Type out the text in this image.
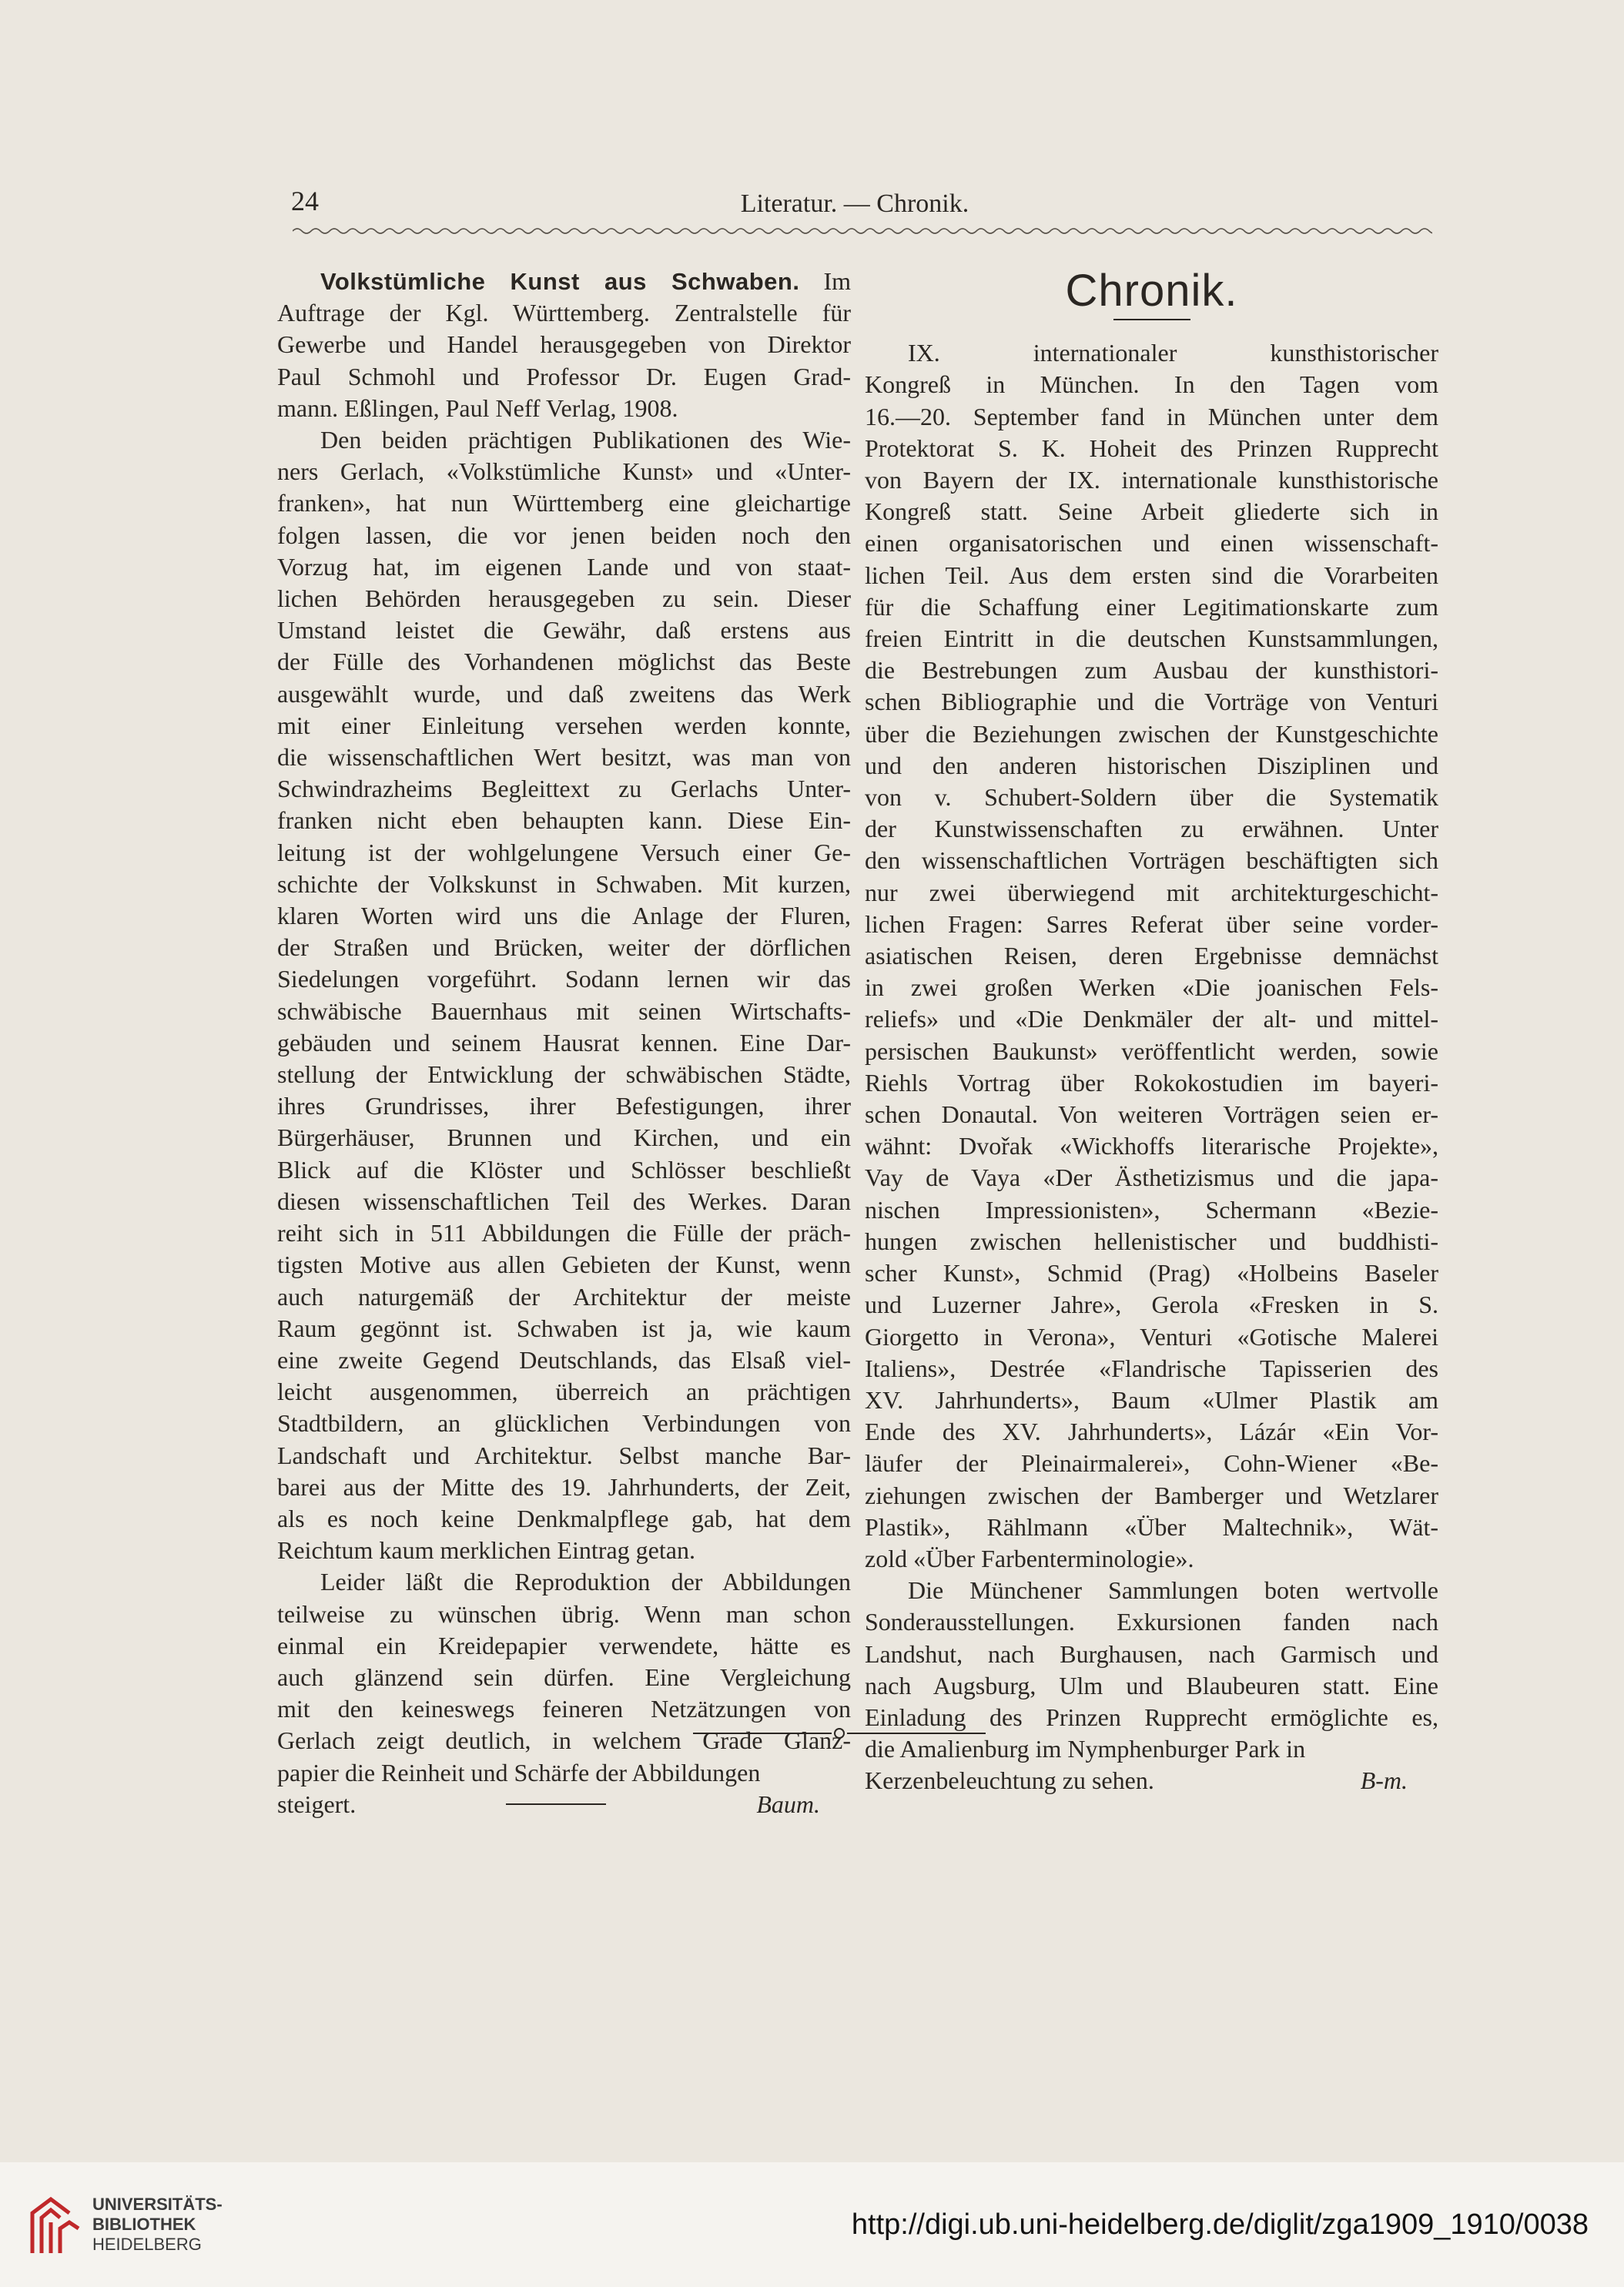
24	Literatur. — Chronik.

Volkstümliche Kunst aus Schwaben. Im

Auftrage der Kgl. Württemberg. Zentralstelle für
Gewerbe und Handel herausgegeben von Direktor
Paul Schmohl und Professor Dr. Eugen Grad-
mann. Eßlingen, Paul Neff Verlag, 1908.
Den beiden prächtigen Publikationen des Wie-
ners Gerlach, «Volkstümliche Kunst» und «Unter-
franken», hat nun Württemberg eine gleichartige
folgen lassen, die vor jenen beiden noch den
Vorzug hat, im eigenen Lande und von staat-
lichen Behörden herausgegeben zu sein. Dieser
Umstand leistet die Gewähr, daß erstens aus
der Fülle des Vorhandenen möglichst das Beste
ausgewählt wurde, und daß zweitens das Werk
mit einer Einleitung versehen werden konnte,
die wissenschaftlichen Wert besitzt, was man von
Schwindrazheims Begleittext zu Gerlachs Unter-
franken nicht eben behaupten kann. Diese Ein-
leitung ist der wohlgelungene Versuch einer Ge-
schichte der Volkskunst in Schwaben. Mit kurzen,
klaren Worten wird uns die Anlage der Fluren,
der Straßen und Brücken, weiter der dörflichen
Siedelungen vorgeführt. Sodann lernen wir das
schwäbische Bauernhaus mit seinen Wirtschafts-
gebäuden und seinem Hausrat kennen. Eine Dar-
stellung der Entwicklung der schwäbischen Städte,
ihres Grundrisses, ihrer Befestigungen, ihrer
Bürgerhäuser, Brunnen und Kirchen, und ein
Blick auf die Klöster und Schlösser beschließt
diesen wissenschaftlichen Teil des Werkes. Daran
reiht sich in 511 Abbildungen die Fülle der präch-
tigsten Motive aus allen Gebieten der Kunst, wenn
auch naturgemäß der Architektur der meiste
Raum gegönnt ist. Schwaben ist ja, wie kaum
eine zweite Gegend Deutschlands, das Elsaß viel-
leicht ausgenommen, überreich an prächtigen
Stadtbildern, an glücklichen Verbindungen von
Landschaft und Architektur. Selbst manche Bar-
barei aus der Mitte des 19. Jahrhunderts, der Zeit,
als es noch keine Denkmalpflege gab, hat dem
Reichtum kaum merklichen Eintrag getan.
Leider läßt die Reproduktion der Abbildungen
teilweise zu wünschen übrig. Wenn man schon
einmal ein Kreidepapier verwendete, hätte es
auch glänzend sein dürfen. Eine Vergleichung
mit den keineswegs feineren Netzätzungen von
Gerlach zeigt deutlich, in welchem Grade Glanz-
papier die Reinheit und Schärfe der Abbildungen
steigert.	Baum.
Chronik.
IX. internationaler kunsthistorischer
Kongreß in München. In den Tagen vom
16.—20. September fand in München unter dem
Protektorat S. K. Hoheit des Prinzen Rupprecht
von Bayern der IX. internationale kunsthistorische
Kongreß statt. Seine Arbeit gliederte sich in
einen organisatorischen und einen wissenschaft-
lichen Teil. Aus dem ersten sind die Vorarbeiten
für die Schaffung einer Legitimationskarte zum
freien Eintritt in die deutschen Kunstsammlungen,
die Bestrebungen zum Ausbau der kunsthistori-
schen Bibliographie und die Vorträge von Venturi
über die Beziehungen zwischen der Kunstgeschichte
und den anderen historischen Disziplinen und
von v. Schubert-Soldern über die Systematik
der Kunstwissenschaften zu erwähnen. Unter
den wissenschaftlichen Vorträgen beschäftigten sich
nur zwei überwiegend mit architekturgeschicht-
lichen Fragen: Sarres Referat über seine vorder-
asiatischen Reisen, deren Ergebnisse demnächst
in zwei großen Werken «Die joanischen Fels-
reliefs» und «Die Denkmäler der alt- und mittel-
persischen Baukunst» veröffentlicht werden, sowie
Riehls Vortrag über Rokokostudien im bayeri-
schen Donautal. Von weiteren Vorträgen seien er-
wähnt: Dvořak «Wickhoffs literarische Projekte»,
Vay de Vaya «Der Ästhetizismus und die japa-
nischen Impressionisten», Schermann «Bezie-
hungen zwischen hellenistischer und buddhisti-
scher Kunst», Schmid (Prag) «Holbeins Baseler
und Luzerner Jahre», Gerola «Fresken in S.
Giorgetto in Verona», Venturi «Gotische Malerei
Italiens», Destrée «Flandrische Tapisserien des
XV. Jahrhunderts», Baum «Ulmer Plastik am
Ende des XV. Jahrhunderts», Lázár «Ein Vor-
läufer der Pleinairmalerei», Cohn-Wiener «Be-
ziehungen zwischen der Bamberger und Wetzlarer
Plastik», Rählmann «Über Maltechnik», Wät-
zold «Über Farbenterminologie».
Die Münchener Sammlungen boten wertvolle
Sonderausstellungen. Exkursionen fanden nach
Landshut, nach Burghausen, nach Garmisch und
nach Augsburg, Ulm und Blaubeuren statt. Eine
Einladung des Prinzen Rupprecht ermöglichte es,
die Amalienburg im Nymphenburger Park in
Kerzenbeleuchtung zu sehen.	B-m.
UNIVERSITÄTS-
BIBLIOTHEK
HEIDELBERG
http://digi.ub.uni-heidelberg.de/diglit/zga1909_1910/0038
